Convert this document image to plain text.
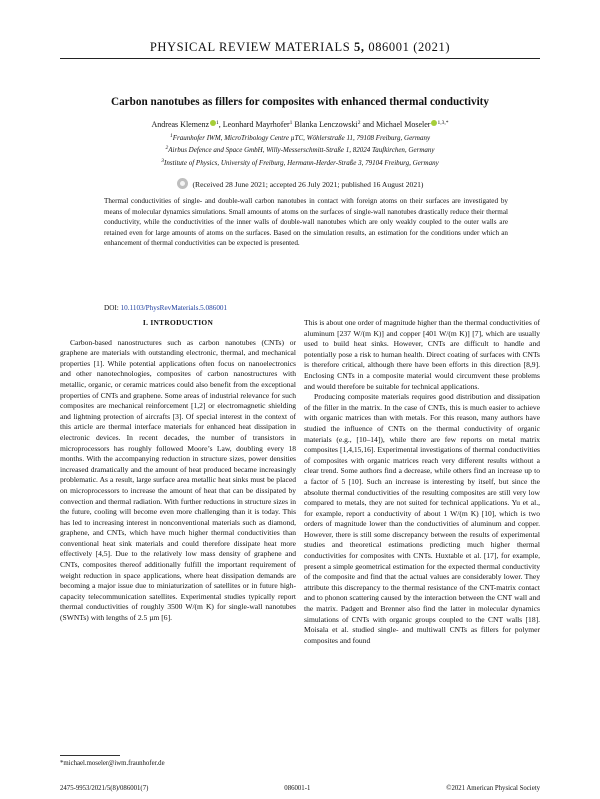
PHYSICAL REVIEW MATERIALS 5, 086001 (2021)
Carbon nanotubes as fillers for composites with enhanced thermal conductivity
Andreas Klemenz $^1$, Leonhard Mayrhofer$^1$ Blanka Lenczowski$^2$ and Michael Moseler $^{1,3,*}$
$^1$Fraunhofer IWM, MicroTribology Centre µTC, Wöhlerstraße 11, 79108 Freiburg, Germany
$^2$Airbus Defence and Space GmbH, Willy-Messerschmitt-Straße 1, 82024 Taufkirchen, Germany
$^3$Institute of Physics, University of Freiburg, Hermann-Herder-Straße 3, 79104 Freiburg, Germany
(Received 28 June 2021; accepted 26 July 2021; published 16 August 2021)
Thermal conductivities of single- and double-wall carbon nanotubes in contact with foreign atoms on their surfaces are investigated by means of molecular dynamics simulations. Small amounts of atoms on the surfaces of single-wall nanotubes drastically reduce their thermal conductivity, while the conductivities of the inner walls of double-wall nanotubes which are only weakly coupled to the outer walls are retained even for large amounts of atoms on the surfaces. Based on the simulation results, an estimation for the conditions under which an enhancement of thermal conductivities can be expected is presented.
DOI: 10.1103/PhysRevMaterials.5.086001
I. INTRODUCTION

Carbon-based nanostructures such as carbon nanotubes (CNTs) or graphene are materials with outstanding electronic, thermal, and mechanical properties [1]. While potential applications often focus on nanoelectronics and other nanotechnologies, composites of carbon nanostructures with metallic, organic, or ceramic matrices could also benefit from the exceptional properties of CNTs and graphene. Some areas of industrial relevance for such composites are mechanical reinforcement [1,2] or electromagnetic shielding and lightning protection of aircrafts [3]. Of special interest in the context of this article are thermal interface materials for enhanced heat dissipation in electronic devices. In recent decades, the number of transistors in microprocessors has roughly followed Moore’s Law, doubling every 18 months. With the accompanying reduction in structure sizes, power densities increased dramatically and the amount of heat produced became increasingly problematic. As a result, large surface area metallic heat sinks must be placed on microprocessors to increase the amount of heat that can be dissipated by convection and thermal radiation. With further reductions in structure sizes in the future, cooling will become even more challenging than it is today. This has led to increasing interest in nonconventional materials such as diamond, graphene, and CNTs, which have much higher thermal conductivities than conventional heat sink materials and could therefore dissipate heat more effectively [4,5]. Due to the relatively low mass density of graphene and CNTs, composites thereof additionally fulfill the important requirement of weight reduction in space applications, where heat dissipation demands are becoming a major issue due to miniaturization of satellites or in future high-capacity telecommunication satellites. Experimental studies typically report thermal conductivities of roughly 3500 W/(m K) for single-wall nanotubes (SWNTs) with lengths of 2.5 µm [6].

This is about one order of magnitude higher than the thermal conductivities of aluminum [237 W/(m K)] and copper [401 W/(m K)] [7], which are usually used to build heat sinks. However, CNTs are difficult to handle and potentially pose a risk to human health. Direct coating of surfaces with CNTs is therefore critical, although there have been efforts in this direction [8,9]. Enclosing CNTs in a composite material would circumvent these problems and would therefore be suitable for technical applications.

Producing composite materials requires good distribution and dissipation of the filler in the matrix. In the case of CNTs, this is much easier to achieve with organic matrices than with metals. For this reason, many authors have studied the influence of CNTs on the thermal conductivity of organic materials (e.g., [10–14]), while there are few reports on metal matrix composites [1,4,15,16]. Experimental investigations of thermal conductivities of composites with organic matrices reach very different results without a clear trend. Some authors find a decrease, while others find an increase up to a factor of 5 [10]. Such an increase is interesting by itself, but since the absolute thermal conductivities of the resulting composites are still very low compared to metals, they are not suited for technical applications. Yu et al., for example, report a conductivity of about 1 W/(m K) [10], which is two orders of magnitude lower than the conductivities of aluminum and copper. However, there is still some discrepancy between the results of experimental studies and theoretical estimations predicting much higher thermal conductivities for composites with CNTs. Huxtable et al. [17], for example, present a simple geometrical estimation for the expected thermal conductivity of the composite and find that the actual values are considerably lower. They attribute this discrepancy to the thermal resistance of the CNT-matrix contact and to phonon scattering caused by the interaction between the CNT wall and the matrix. Padgett and Brenner also find the latter in molecular dynamics simulations of CNTs with organic groups coupled to the CNT walls [18]. Moisala et al. studied single- and multiwall CNTs as fillers for polymer composites and found

*michael.moseler@iwm.fraunhofer.de
2475-9953/2021/5(8)/086001(7)	086001-1	©2021 American Physical Society
